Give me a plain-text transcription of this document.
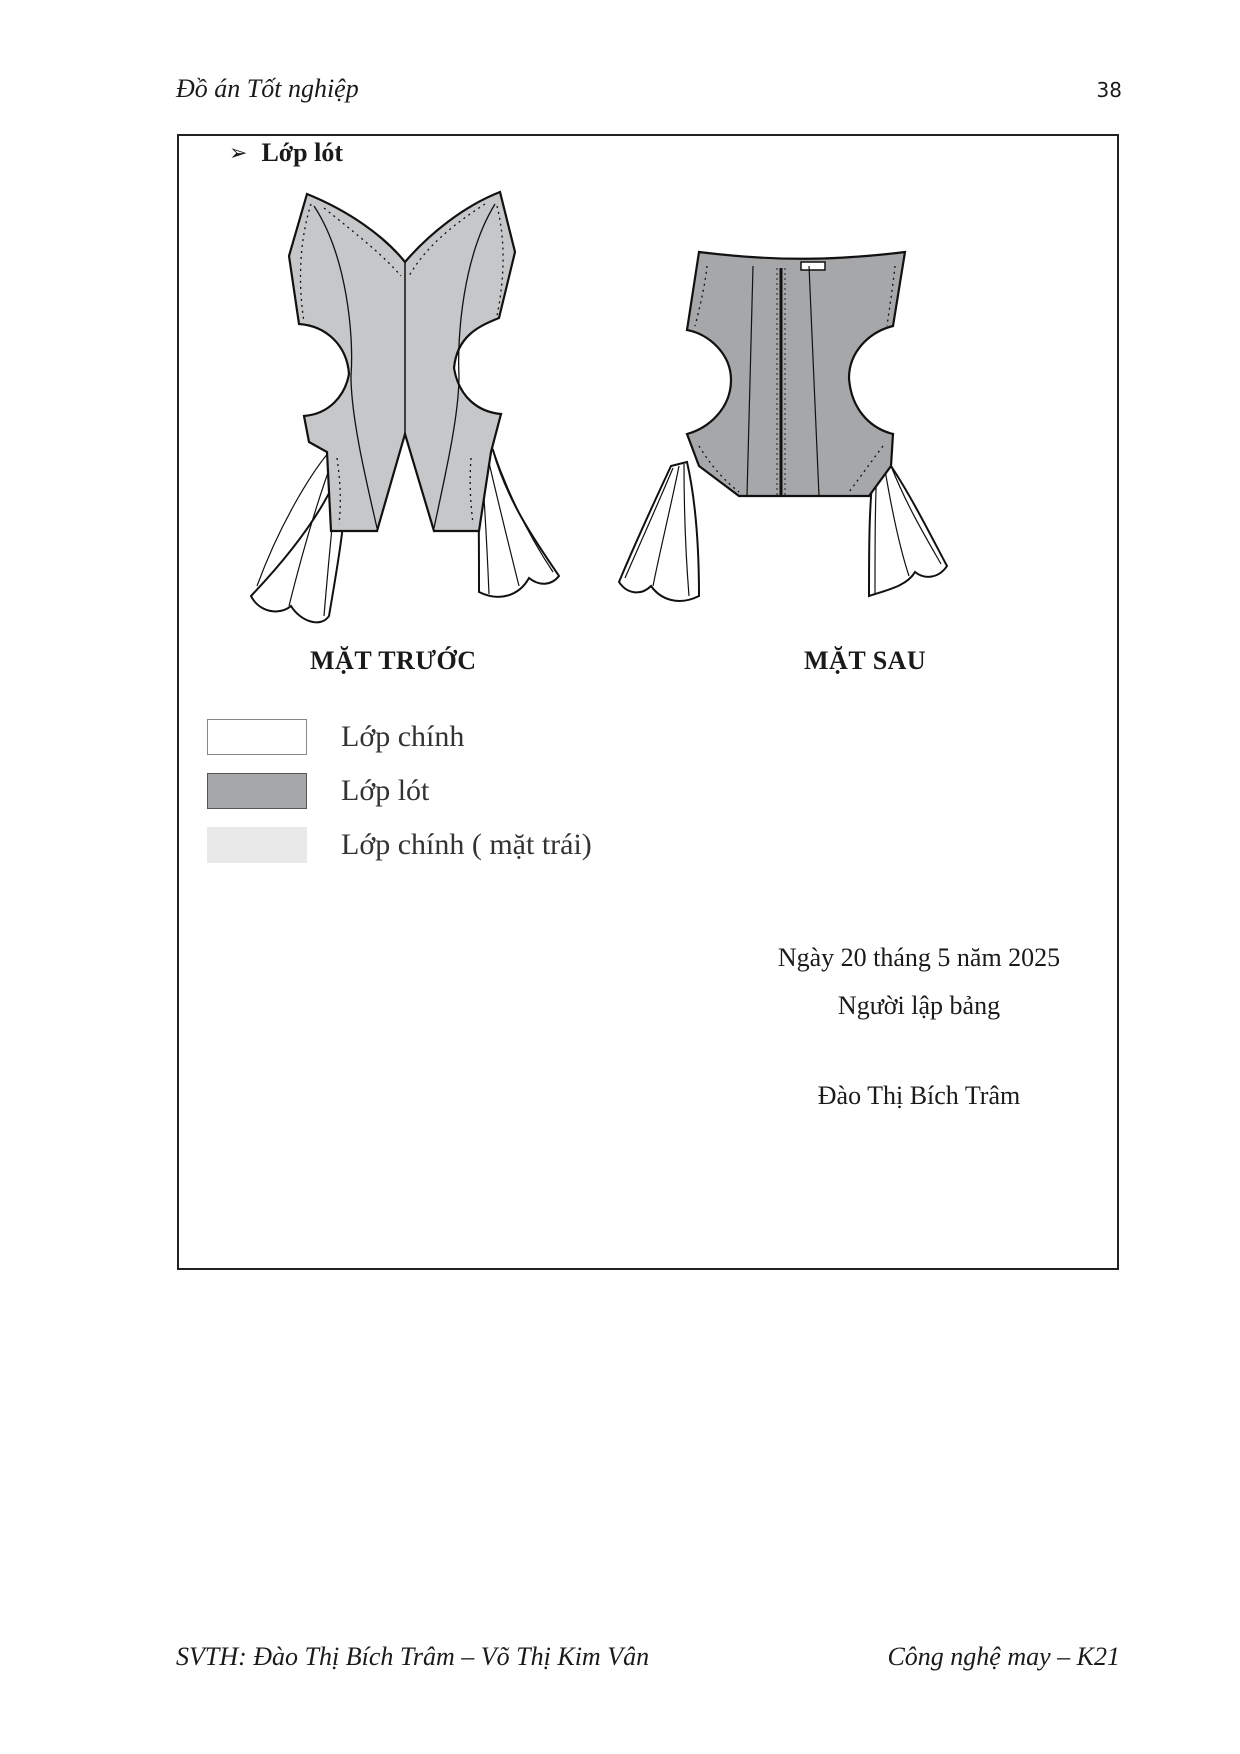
Đồ án Tốt nghiệp	38
➢ Lớp lót
MẶT TRƯỚC	MẶT SAU
Lớp chính
Lớp lót
Lớp chính ( mặt trái)
Ngày 20 tháng 5 năm 2025
Người lập bảng
Đào Thị Bích Trâm
SVTH: Đào Thị Bích Trâm – Võ Thị Kim Vân	Công nghệ may – K21
